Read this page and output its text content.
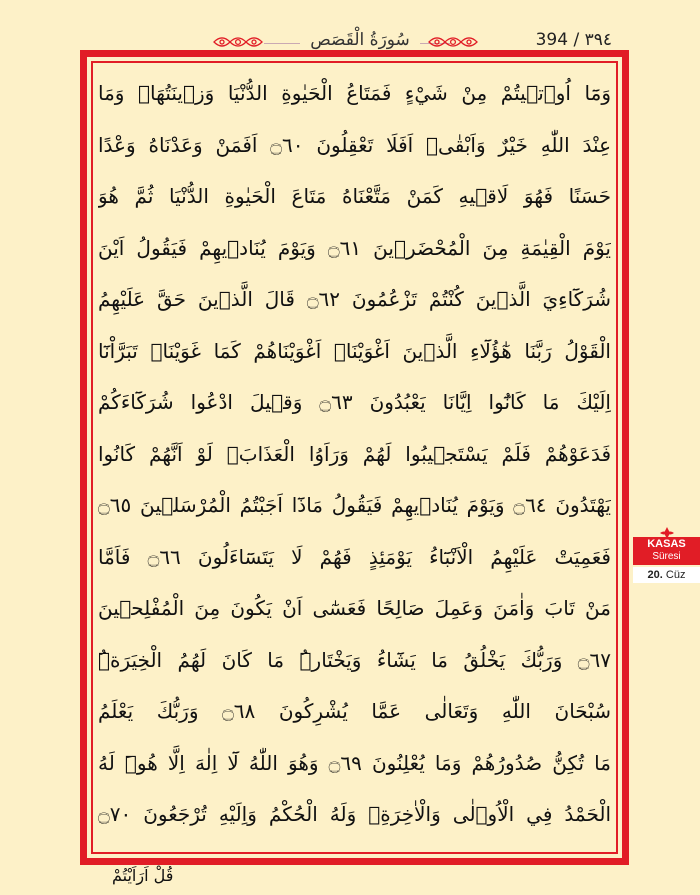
سُورَةُ الْقَصَصِ	394 / ٣٩٤
وَمَٓا اُو۫تٖيتُمْ مِنْ شَيْءٍ فَمَتَاعُ الْحَيٰوةِ الدُّنْيَا وَزٖينَتُهَاۚ وَمَا
عِنْدَ اللّٰهِ خَيْرٌ وَاَبْقٰىۜ اَفَلَا تَعْقِلُونَ ۝٦٠ اَفَمَنْ وَعَدْنَاهُ وَعْدًا
حَسَنًا فَهُوَ لَاقٖيهِ كَمَنْ مَتَّعْنَاهُ مَتَاعَ الْحَيٰوةِ الدُّنْيَا ثُمَّ هُوَ
يَوْمَ الْقِيٰمَةِ مِنَ الْمُحْضَرٖينَ ۝٦١ وَيَوْمَ يُنَادٖيهِمْ فَيَقُولُ اَيْنَ
شُرَكَٓاءِيَ الَّذٖينَ كُنْتُمْ تَزْعُمُونَ ۝٦٢ قَالَ الَّذٖينَ حَقَّ عَلَيْهِمُ
الْقَوْلُ رَبَّنَا هٰٓؤُلَٓاءِ الَّذٖينَ اَغْوَيْنَاۚ اَغْوَيْنَاهُمْ كَمَا غَوَيْنَاۚ تَبَرَّاْنَٓا
اِلَيْكَ مَا كَانُٓوا اِيَّانَا يَعْبُدُونَ ۝٦٣ وَقٖيلَ ادْعُوا شُرَكَٓاءَكُمْ
فَدَعَوْهُمْ فَلَمْ يَسْتَجٖيبُوا لَهُمْ وَرَاَوُا الْعَذَابَۚ لَوْ اَنَّهُمْ كَانُوا
يَهْتَدُونَ ۝٦٤ وَيَوْمَ يُنَادٖيهِمْ فَيَقُولُ مَاذَٓا اَجَبْتُمُ الْمُرْسَلٖينَ ۝٦٥
فَعَمِيَتْ عَلَيْهِمُ الْاَنْبَٓاءُ يَوْمَئِذٍ فَهُمْ لَا يَتَسَٓاءَلُونَ ۝٦٦ فَاَمَّا
مَنْ تَابَ وَاٰمَنَ وَعَمِلَ صَالِحًا فَعَسٰٓى اَنْ يَكُونَ مِنَ الْمُفْلِحٖينَ
۝٦٧ وَرَبُّكَ يَخْلُقُ مَا يَشَٓاءُ وَيَخْتَارُۜ مَا كَانَ لَهُمُ الْخِيَرَةُۜ
سُبْحَانَ اللّٰهِ وَتَعَالٰى عَمَّا يُشْرِكُونَ ۝٦٨ وَرَبُّكَ يَعْلَمُ
مَا تُكِنُّ صُدُورُهُمْ وَمَا يُعْلِنُونَ ۝٦٩ وَهُوَ اللّٰهُ لَٓا اِلٰهَ اِلَّا هُوَۜ لَهُ
الْحَمْدُ فِي الْاُو۫لٰى وَالْاٰخِرَةِۘ وَلَهُ الْحُكْمُ وَاِلَيْهِ تُرْجَعُونَ ۝٧٠
قُلْ اَرَاَيْتُمْ
KASAS
Süresi
20. Cüz
